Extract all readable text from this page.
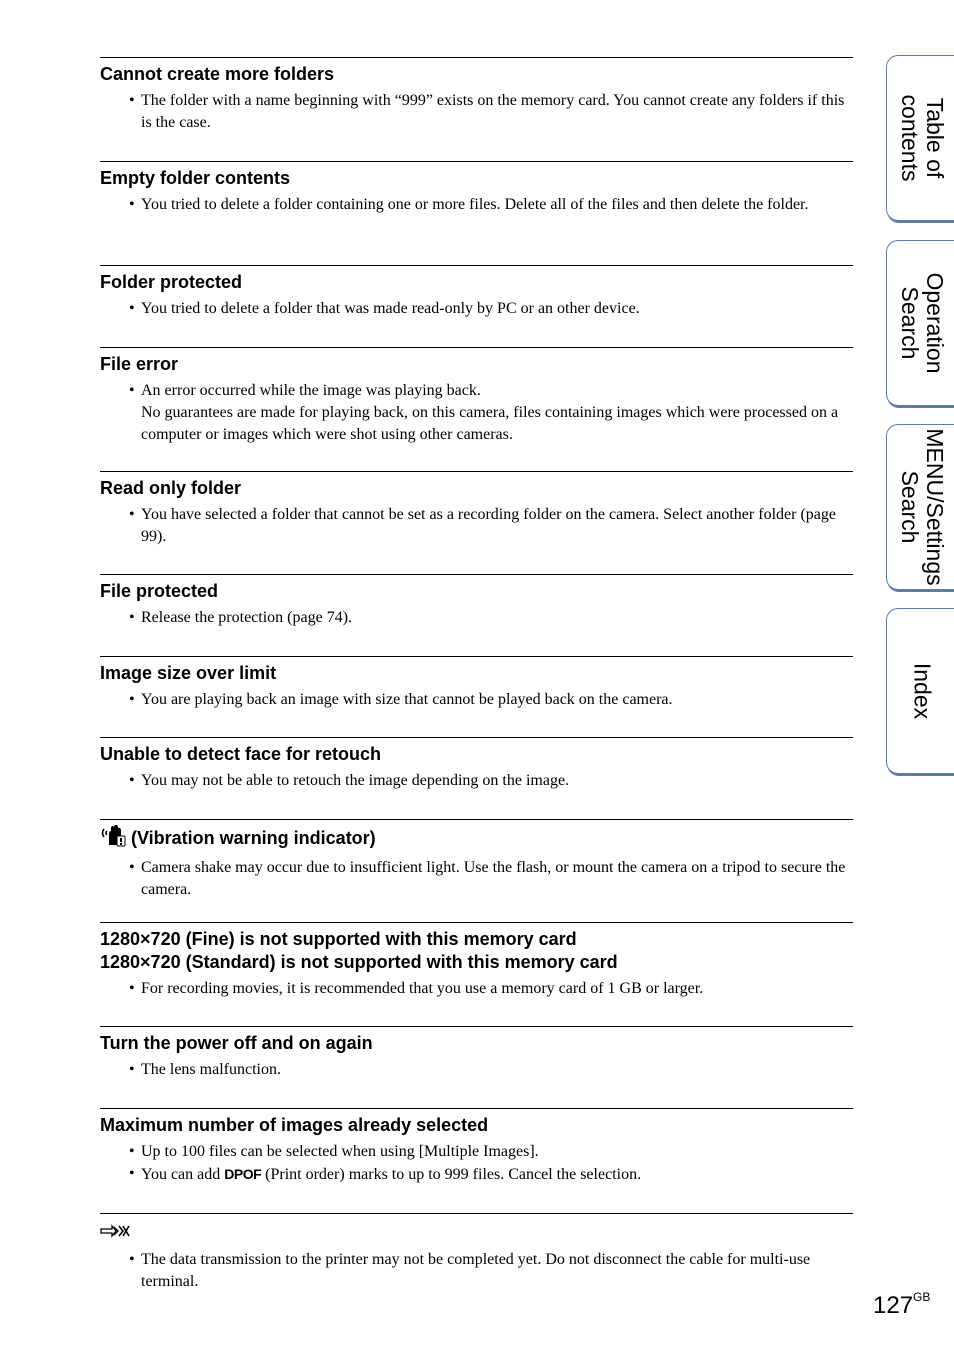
Cannot create more folders
• The folder with a name beginning with “999” exists on the memory card. You cannot create any folders if this is the case.
Empty folder contents
• You tried to delete a folder containing one or more files. Delete all of the files and then delete the folder.
Folder protected
• You tried to delete a folder that was made read-only by PC or an other device.
File error
• An error occurred while the image was playing back.
No guarantees are made for playing back, on this camera, files containing images which were processed on a computer or images which were shot using other cameras.
Read only folder
• You have selected a folder that cannot be set as a recording folder on the camera. Select another folder (page 99).
File protected
• Release the protection (page 74).
Image size over limit
• You are playing back an image with size that cannot be played back on the camera.
Unable to detect face for retouch
• You may not be able to retouch the image depending on the image.
(Vibration warning indicator)
• Camera shake may occur due to insufficient light. Use the flash, or mount the camera on a tripod to secure the camera.
1280×720 (Fine) is not supported with this memory card
1280×720 (Standard) is not supported with this memory card
• For recording movies, it is recommended that you use a memory card of 1 GB or larger.
Turn the power off and on again
• The lens malfunction.
Maximum number of images already selected
• Up to 100 files can be selected when using [Multiple Images].
• You can add DPOF (Print order) marks to up to 999 files. Cancel the selection.
• The data transmission to the printer may not be completed yet. Do not disconnect the cable for multi-use terminal.
Table of
contents
Operation
Search
MENU/Settings
Search
Index
$127^{GB}$
